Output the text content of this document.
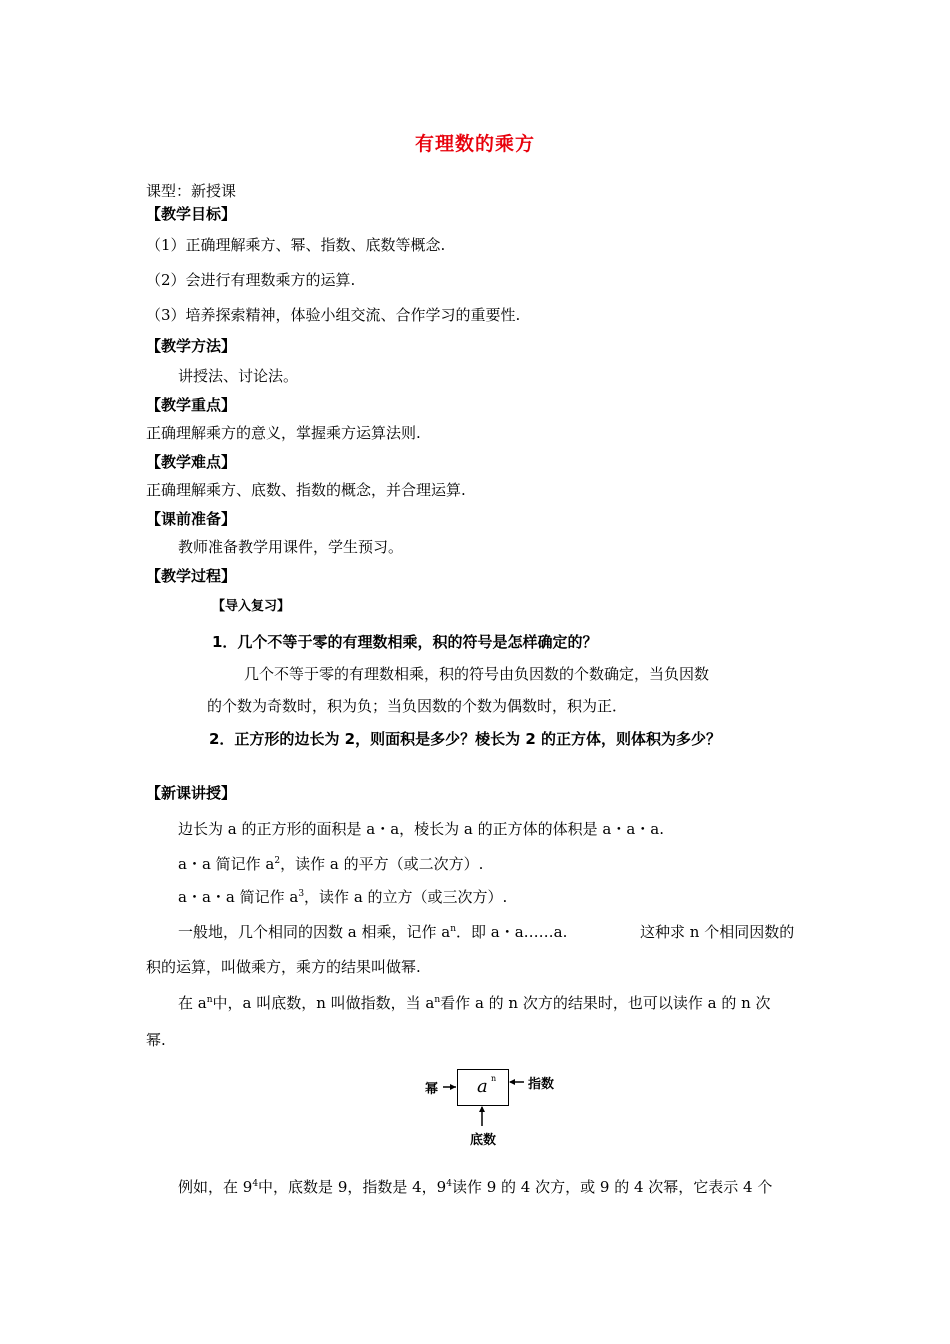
有理数的乘方
课型：新授课
【教学目标】
（1）正确理解乘方、幂、指数、底数等概念.
（2）会进行有理数乘方的运算.
（3）培养探索精神，体验小组交流、合作学习的重要性.
【教学方法】
讲授法、讨论法。
【教学重点】
正确理解乘方的意义，掌握乘方运算法则.
【教学难点】
正确理解乘方、底数、指数的概念，并合理运算.
【课前准备】
教师准备教学用课件，学生预习。
【教学过程】
【导入复习】
1．几个不等于零的有理数相乘，积的符号是怎样确定的？
几个不等于零的有理数相乘，积的符号由负因数的个数确定，当负因数
的个数为奇数时，积为负；当负因数的个数为偶数时，积为正．
2．正方形的边长为 2，则面积是多少？棱长为 2 的正方体，则体积为多少？
【新课讲授】
边长为 a 的正方形的面积是 a・a，棱长为 a 的正方体的体积是 a・a・a.
a・a 简记作 $a^2$，读作 a 的平方（或二次方）.
a・a・a 简记作 $a^3$，读作 a 的立方（或三次方）.
一般地，几个相同的因数 a 相乘，记作 $a^n$．即 a・a……a.	这种求 n 个相同因数的
积的运算，叫做乘方，乘方的结果叫做幂.
在 $a^n$中，a 叫底数，n 叫做指数，当 $a^n$看作 a 的 n 次方的结果时，也可以读作 a 的 n 次
幂.
a n
幂	指数
底数
例如，在 $9^4$中，底数是 9，指数是 4，$9^4$读作 9 的 4 次方，或 9 的 4 次幂，它表示 4 个
